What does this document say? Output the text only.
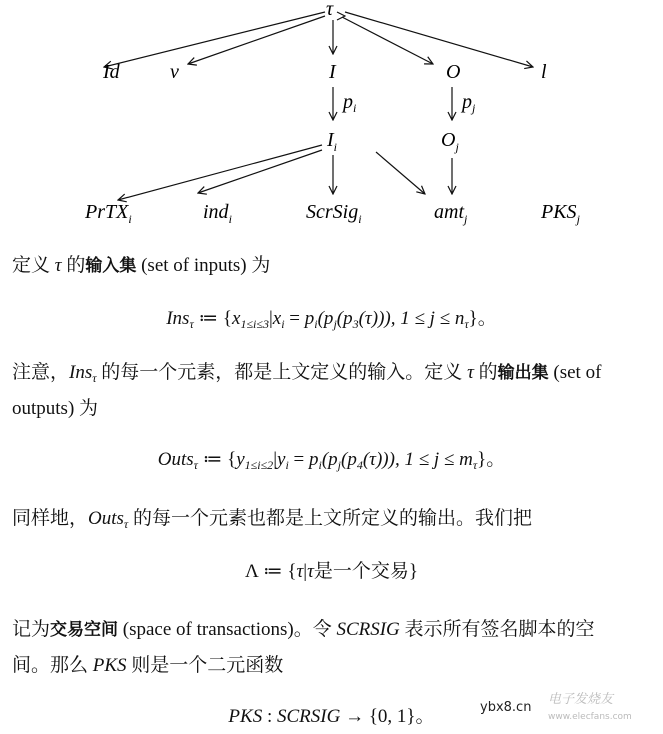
τ
Id	v	I	O	l
$p_i$	$p_j$
$I_i$	$O_j$
PrTX$_i$	ind$_i$	ScrSig$_i$	amt$_j$	$PKS_j$
定义 τ 的输入集 (set of inputs) 为
Ins$_\tau$ ≔ {$x_{1\le i\le 3}|x_i = p_i(p_j(p_3(\tau)))$, $1 \le j \le n_\tau$}。
注意，Ins$_\tau$ 的每一个元素，都是上文定义的输入。定义 τ 的输出集 (set of
outputs) 为
Outs$_\tau$ ≔ {$y_{1\le i\le 2}|y_i = p_i(p_j(p_4(\tau)))$, $1 \le j \le m_\tau$}。
同样地，Outs$_\tau$ 的每一个元素也都是上文所定义的输出。我们把
Λ ≔ {τ|τ是一个交易}
记为交易空间 (space of transactions)。令 SCRSIG 表示所有签名脚本的空
间。那么 PKS 则是一个二元函数
PKS : SCRSIG → {0, 1}。	ybx8.cn
电子发烧友
www.elecfans.com
